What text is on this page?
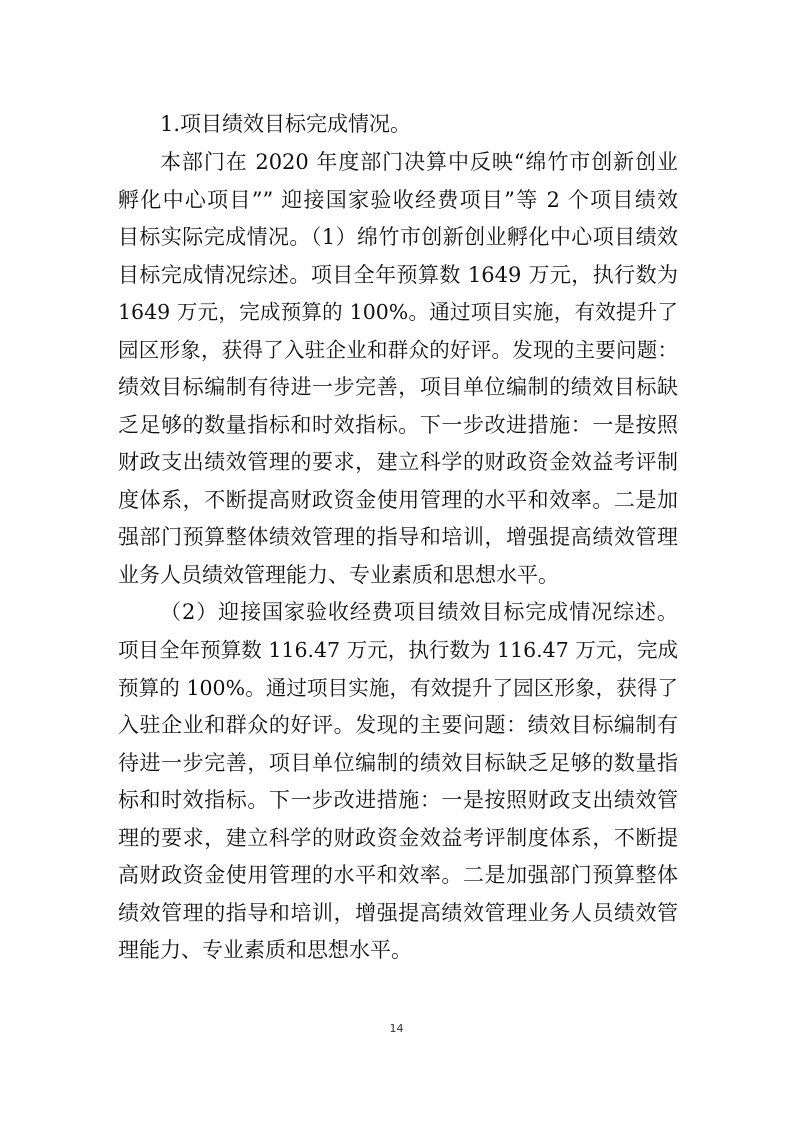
1.项目绩效目标完成情况。
本部门在 2020 年度部门决算中反映“绵竹市创新创业
孵化中心项目”” 迎接国家验收经费项目”等 2 个项目绩效
目标实际完成情况。（1）绵竹市创新创业孵化中心项目绩效
目标完成情况综述。项目全年预算数 1649 万元，执行数为
1649 万元，完成预算的 100%。通过项目实施，有效提升了
园区形象，获得了入驻企业和群众的好评。发现的主要问题：
绩效目标编制有待进一步完善，项目单位编制的绩效目标缺
乏足够的数量指标和时效指标。下一步改进措施：一是按照
财政支出绩效管理的要求，建立科学的财政资金效益考评制
度体系，不断提高财政资金使用管理的水平和效率。二是加
强部门预算整体绩效管理的指导和培训，增强提高绩效管理
业务人员绩效管理能力、专业素质和思想水平。
（2）迎接国家验收经费项目绩效目标完成情况综述。
项目全年预算数 116.47 万元，执行数为 116.47 万元，完成
预算的 100%。通过项目实施，有效提升了园区形象，获得了
入驻企业和群众的好评。发现的主要问题：绩效目标编制有
待进一步完善，项目单位编制的绩效目标缺乏足够的数量指
标和时效指标。下一步改进措施：一是按照财政支出绩效管
理的要求，建立科学的财政资金效益考评制度体系，不断提
高财政资金使用管理的水平和效率。二是加强部门预算整体
绩效管理的指导和培训，增强提高绩效管理业务人员绩效管
理能力、专业素质和思想水平。
14
